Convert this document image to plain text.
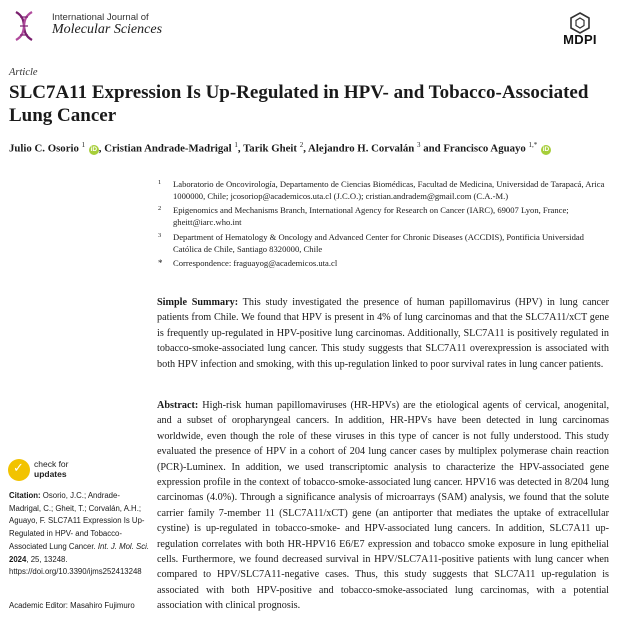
International Journal of
Molecular Sciences
MDPI
Article
SLC7A11 Expression Is Up-Regulated in HPV- and Tobacco-Associated Lung Cancer
Julio C. Osorio $^1$ iD , Cristian Andrade-Madrigal $^1$, Tarik Gheit $^2$, Alejandro H. Corvalán $^3$ and Francisco Aguayo $^{1,*}$ iD
1 Laboratorio de Oncovirología, Departamento de Ciencias Biomédicas, Facultad de Medicina, Universidad de Tarapacá, Arica 1000000, Chile; jcosoriop@academicos.uta.cl (J.C.O.); cristian.andradem@gmail.com (C.A.-M.)
2 Epigenomics and Mechanisms Branch, International Agency for Research on Cancer (IARC), 69007 Lyon, France; gheitt@iarc.who.int
3 Department of Hematology & Oncology and Advanced Center for Chronic Diseases (ACCDIS), Pontificia Universidad Católica de Chile, Santiago 8320000, Chile
* Correspondence: fraguayog@academicos.uta.cl
Simple Summary: This study investigated the presence of human papillomavirus (HPV) in lung cancer patients from Chile. We found that HPV is present in 4% of lung carcinomas and that the SLC7A11/xCT gene is frequently up-regulated in HPV-positive lung carcinomas. Additionally, SLC7A11 is positively regulated in tobacco-smoke-associated lung cancer. This study suggests that SLC7A11 overexpression is associated with both HPV infection and smoking, with this up-regulation linked to poor survival rates in lung cancer patients.
Abstract: High-risk human papillomaviruses (HR-HPVs) are the etiological agents of cervical, anogenital, and a subset of oropharyngeal cancers. In addition, HR-HPVs have been detected in lung carcinomas worldwide, even though the role of these viruses in this type of cancer is not fully understood. This study evaluated the presence of HPV in a cohort of 204 lung cancer cases by multiplex polymerase chain reaction (PCR)-Luminex. In addition, we used transcriptomic analysis to characterize the HPV-associated gene expression profile in the context of tobacco-smoke-associated lung cancer. HPV16 was detected in 8/204 lung carcinomas (4.0%). Through a significance analysis of microarrays (SAM) analysis, we found that the solute carrier family 7-member 11 (SLC7A11/xCT) gene (an antiporter that mediates the uptake of extracellular cystine) is up-regulated in tobacco-smoke- and HPV-associated lung cancers. In addition, SLC7A11 up-regulation correlates with both HR-HPV16 E6/E7 expression and tobacco smoke exposure in lung epithelial cells. Furthermore, we found decreased survival in HPV/SLC7A11-positive patients with lung cancer when compared to HPV/SLC7A11-negative cases. Thus, this study suggests that SLC7A11 up-regulation is associated with both HPV-positive and tobacco-smoke-associated lung carcinomas, with a potential association with clinical prognosis.
✓ check for
updates
Citation: Osorio, J.C.; Andrade-Madrigal, C.; Gheit, T.; Corvalán, A.H.; Aguayo, F. SLC7A11 Expression Is Up-Regulated in HPV- and Tobacco-Associated Lung Cancer. Int. J. Mol. Sci. 2024, 25, 13248. https://doi.org/10.3390/ijms252413248
Academic Editor: Masahiro Fujimuro
